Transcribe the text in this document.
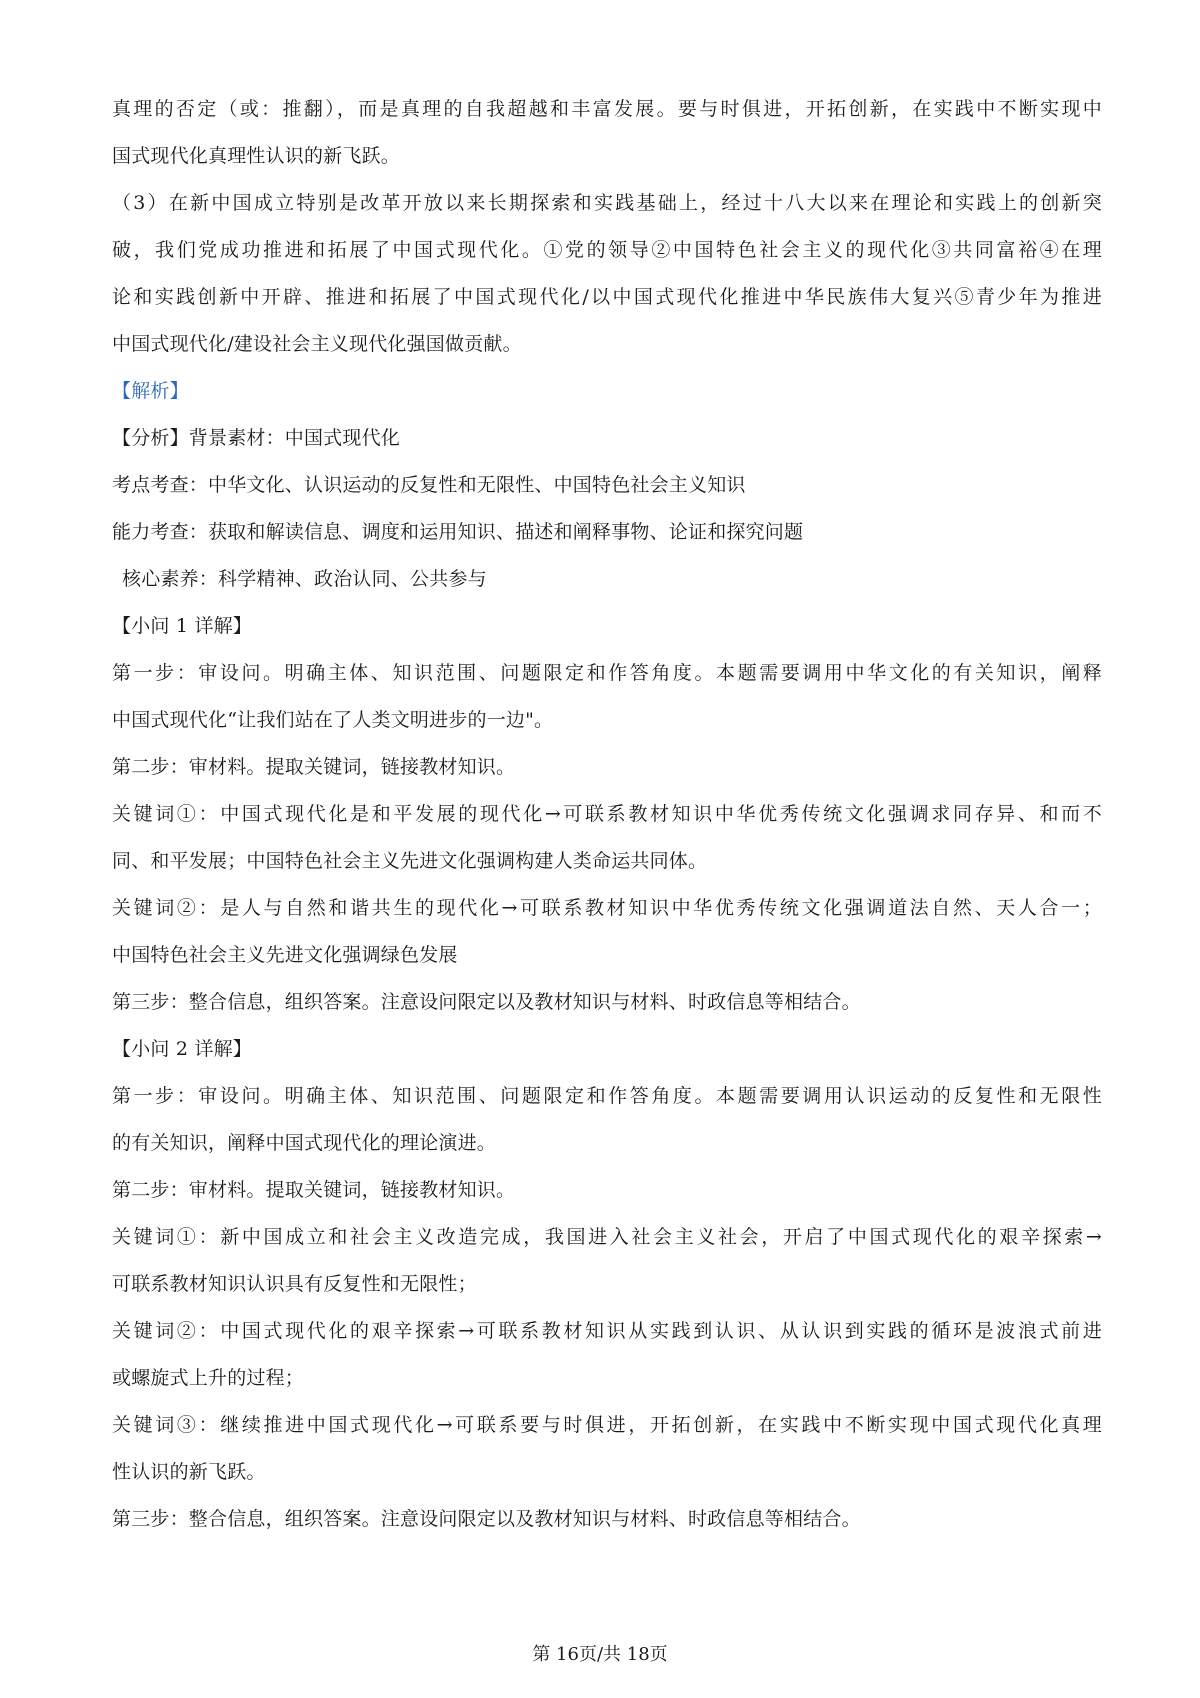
真理的否定（或：推翻），而是真理的自我超越和丰富发展。要与时俱进，开拓创新，在实践中不断实现中

国式现代化真理性认识的新飞跃。

（3）在新中国成立特别是改革开放以来长期探索和实践基础上，经过十八大以来在理论和实践上的创新突

破，我们党成功推进和拓展了中国式现代化。①党的领导②中国特色社会主义的现代化③共同富裕④在理

论和实践创新中开辟、推进和拓展了中国式现代化/以中国式现代化推进中华民族伟大复兴⑤青少年为推进

中国式现代化/建设社会主义现代化强国做贡献。

【解析】

【分析】背景素材：中国式现代化

考点考查：中华文化、认识运动的反复性和无限性、中国特色社会主义知识

能力考查：获取和解读信息、调度和运用知识、描述和阐释事物、论证和探究问题

核心素养：科学精神、政治认同、公共参与

【小问 1 详解】

第一步：审设问。明确主体、知识范围、问题限定和作答角度。本题需要调用中华文化的有关知识，阐释

中国式现代化“让我们站在了人类文明进步的一边"。

第二步：审材料。提取关键词，链接教材知识。

关键词①：中国式现代化是和平发展的现代化→可联系教材知识中华优秀传统文化强调求同存异、和而不

同、和平发展；中国特色社会主义先进文化强调构建人类命运共同体。

关键词②：是人与自然和谐共生的现代化→可联系教材知识中华优秀传统文化强调道法自然、天人合一；

中国特色社会主义先进文化强调绿色发展

第三步：整合信息，组织答案。注意设问限定以及教材知识与材料、时政信息等相结合。

【小问 2 详解】

第一步：审设问。明确主体、知识范围、问题限定和作答角度。本题需要调用认识运动的反复性和无限性

的有关知识，阐释中国式现代化的理论演进。

第二步：审材料。提取关键词，链接教材知识。

关键词①：新中国成立和社会主义改造完成，我国进入社会主义社会，开启了中国式现代化的艰辛探索→

可联系教材知识认识具有反复性和无限性；

关键词②：中国式现代化的艰辛探索→可联系教材知识从实践到认识、从认识到实践的循环是波浪式前进

或螺旋式上升的过程；

关键词③：继续推进中国式现代化→可联系要与时俱进，开拓创新，在实践中不断实现中国式现代化真理

性认识的新飞跃。

第三步：整合信息，组织答案。注意设问限定以及教材知识与材料、时政信息等相结合。

第 16页/共 18页
